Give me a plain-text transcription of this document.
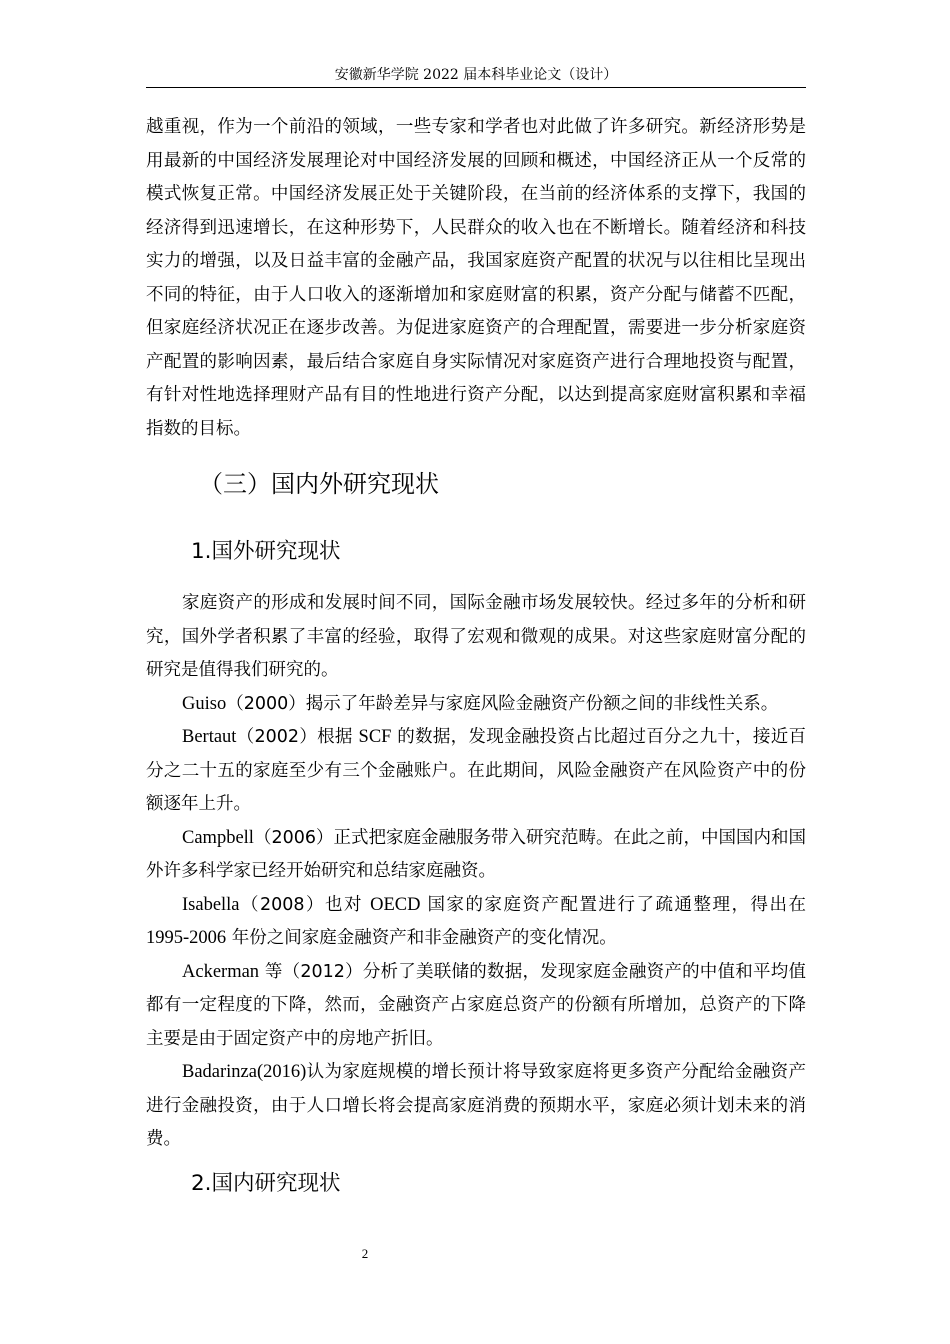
安徽新华学院 2022 届本科毕业论文（设计）

越重视，作为一个前沿的领域，一些专家和学者也对此做了许多研究。新经济形势是用最新的中国经济发展理论对中国经济发展的回顾和概述，中国经济正从一个反常的模式恢复正常。中国经济发展正处于关键阶段，在当前的经济体系的支撑下，我国的经济得到迅速增长，在这种形势下，人民群众的收入也在不断增长。随着经济和科技实力的增强，以及日益丰富的金融产品，我国家庭资产配置的状况与以往相比呈现出不同的特征，由于人口收入的逐渐增加和家庭财富的积累，资产分配与储蓄不匹配，但家庭经济状况正在逐步改善。为促进家庭资产的合理配置，需要进一步分析家庭资产配置的影响因素，最后结合家庭自身实际情况对家庭资产进行合理地投资与配置，有针对性地选择理财产品有目的性地进行资产分配，以达到提高家庭财富积累和幸福指数的目标。

（三）国内外研究现状
1.国外研究现状

家庭资产的形成和发展时间不同，国际金融市场发展较快。经过多年的分析和研究，国外学者积累了丰富的经验，取得了宏观和微观的成果。对这些家庭财富分配的研究是值得我们研究的。

Guiso（2000）揭示了年龄差异与家庭风险金融资产份额之间的非线性关系。

Bertaut（2002）根据 SCF 的数据，发现金融投资占比超过百分之九十，接近百分之二十五的家庭至少有三个金融账户。在此期间，风险金融资产在风险资产中的份额逐年上升。

Campbell（2006）正式把家庭金融服务带入研究范畴。在此之前，中国国内和国外许多科学家已经开始研究和总结家庭融资。

Isabella（2008）也对 OECD 国家的家庭资产配置进行了疏通整理，得出在 1995-2006 年份之间家庭金融资产和非金融资产的变化情况。

Ackerman 等（2012）分析了美联储的数据，发现家庭金融资产的中值和平均值都有一定程度的下降，然而，金融资产占家庭总资产的份额有所增加，总资产的下降主要是由于固定资产中的房地产折旧。

Badarinza(2016)认为家庭规模的增长预计将导致家庭将更多资产分配给金融资产进行金融投资，由于人口增长将会提高家庭消费的预期水平，家庭必须计划未来的消费。

2.国内研究现状
2
